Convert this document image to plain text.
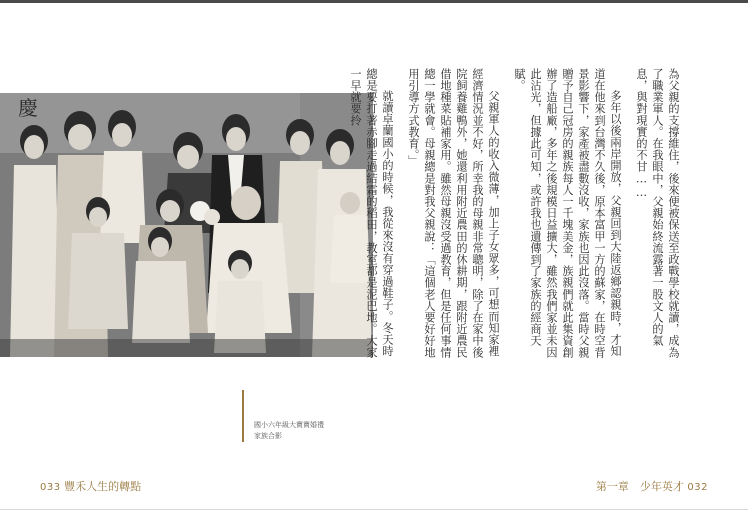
慶
國小六年級大寶寶婚禮
家族合影

為父親的支撐維住，後來便被保送至政戰學校就讀，成為了職業軍人。在我眼中，父親始終流露著一股文人的氣息，與對現實的不甘……

多年以後兩岸開放，父親回到大陸返鄉認親時，才知道在他來到台灣不久後，原本富甲一方的蘇家，在時空背景影響下，家產被盡數沒收，家族也因此沒落。當時父親贈予自己冠房的親族每人一千塊美金，族親們就此集資創辦了造船廠，多年之後規模日益擴大，雖然我們家並未因此沾光，但據此可知，或許我也遺傳到了家族的經商天賦。

父親軍人的收入微薄，加上子女眾多，可想而知家裡經濟情況並不好，所幸我的母親非常聰明，除了在家中後院飼養雞鴨外，她還利用附近農田的休耕期，跟附近農民借地種菜貼補家用。雖然母親沒受過教育，但是任何事情總一學就會。母親總是對我父親說：「這個老人要好好地用引導方式教育。」

就讀卓蘭國小的時候，我從來沒有穿過鞋子。冬天時總是要打著赤腳走過結霜的稻田，教室都是泥巴地。大家一早就要拎

033 豐禾人生的轉點	第一章　少年英才 032
